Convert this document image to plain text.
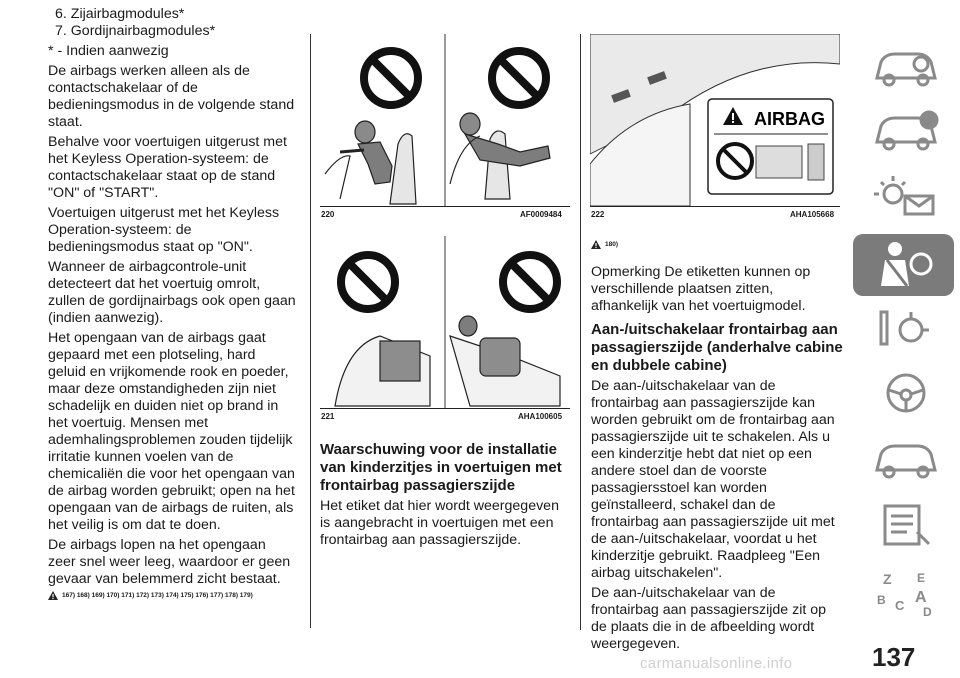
6. Zijairbagmodules*
7. Gordijnairbagmodules*
* - Indien aanwezig
De airbags werken alleen als de contactschakelaar of de bedieningsmodus in de volgende stand staat.
Behalve voor voertuigen uitgerust met het Keyless Operation-systeem: de contactschakelaar staat op de stand "ON" of "START".
Voertuigen uitgerust met het Keyless Operation-systeem: de bedieningsmodus staat op "ON".
Wanneer de airbagcontrole-unit detecteert dat het voertuig omrolt, zullen de gordijnairbags ook open gaan (indien aanwezig).
Het opengaan van de airbags gaat gepaard met een plotseling, hard geluid en vrijkomende rook en poeder, maar deze omstandigheden zijn niet schadelijk en duiden niet op brand in het voertuig. Mensen met ademhalingsproblemen zouden tijdelijk irritatie kunnen voelen van de chemicaliën die voor het opengaan van de airbag worden gebruikt; open na het opengaan van de airbags de ruiten, als het veilig is om dat te doen.
De airbags lopen na het opengaan zeer snel weer leeg, waardoor er geen gevaar van belemmerd zicht bestaat.
167) 168) 169) 170) 171) 172) 173) 174) 175) 176) 177) 178) 179)
220	AF0009484
221	AHA100605
Waarschuwing voor de installatie van kinderzitjes in voertuigen met frontairbag passagierszijde
Het etiket dat hier wordt weergegeven is aangebracht in voertuigen met een frontairbag aan passagierszijde.
AIRBAG
222	AHA105668
180)
Opmerking De etiketten kunnen op verschillende plaatsen zitten, afhankelijk van het voertuigmodel.
Aan-/uitschakelaar frontairbag aan passagierszijde (anderhalve cabine en dubbele cabine)
De aan-/uitschakelaar van de frontairbag aan passagierszijde kan worden gebruikt om de frontairbag aan passagierszijde uit te schakelen. Als u een kinderzitje hebt dat niet op een andere stoel dan de voorste passagiersstoel kan worden geïnstalleerd, schakel dan de frontairbag aan passagierszijde uit met de aan-/uitschakelaar, voordat u het kinderzitje gebruikt. Raadpleeg "Een airbag uitschakelen".
De aan-/uitschakelaar van de frontairbag aan passagierszijde zit op de plaats die in de afbeelding wordt weergegeven.
Z E
B C A
D
137
carmanualsonline.info
